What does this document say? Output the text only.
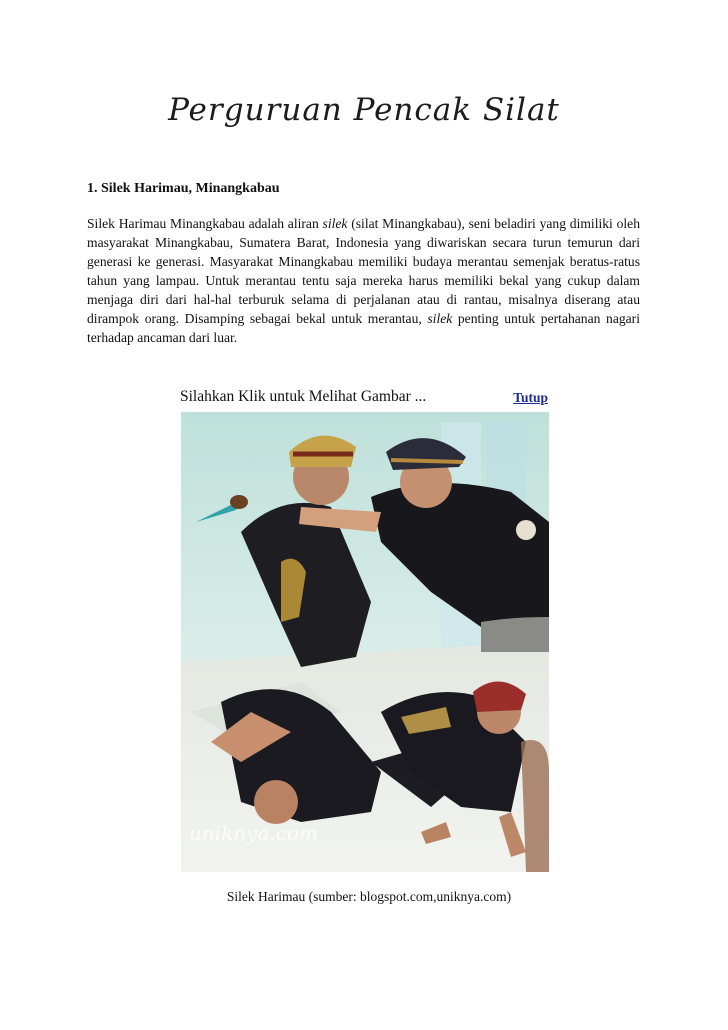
Perguruan Pencak Silat
1. Silek Harimau, Minangkabau

Silek Harimau Minangkabau adalah aliran silek (silat Minangkabau), seni beladiri yang dimiliki oleh masyarakat Minangkabau, Sumatera Barat, Indonesia yang diwariskan secara turun temurun dari generasi ke generasi. Masyarakat Minangkabau memiliki budaya merantau semenjak beratus-ratus tahun yang lampau. Untuk merantau tentu saja mereka harus memiliki bekal yang cukup dalam menjaga diri dari hal-hal terburuk selama di perjalanan atau di rantau, misalnya diserang atau dirampok orang. Disamping sebagai bekal untuk merantau, silek penting untuk pertahanan nagari terhadap ancaman dari luar.

Silahkan Klik untuk Melihat Gambar ...	Tutup
uniknya.com
Silek Harimau (sumber: blogspot.com,uniknya.com)
